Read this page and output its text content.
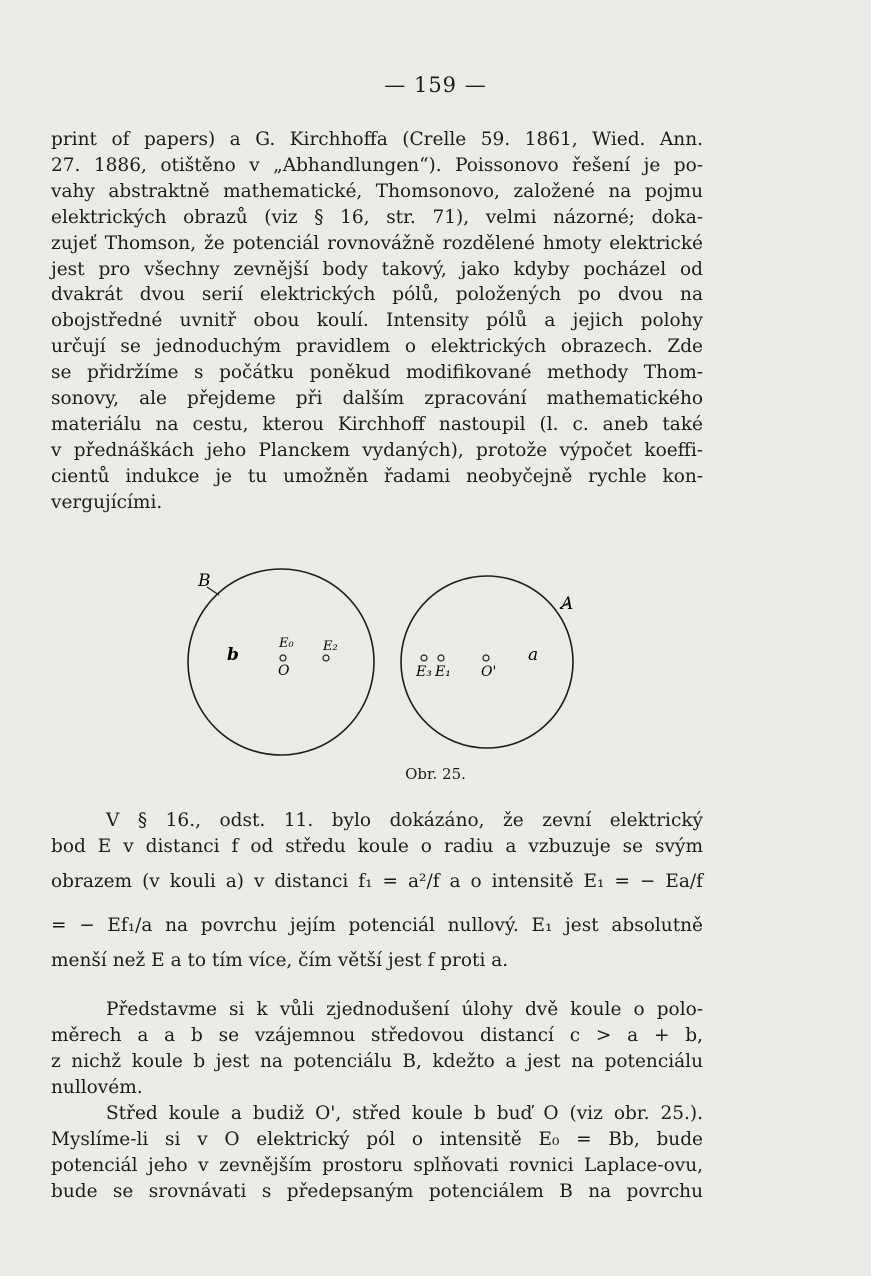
— 159 —
print of papers) a G. Kirchhoffa (Crelle 59. 1861, Wied. Ann.
27. 1886, otištěno v „Abhandlungen“). Poissonovo řešení je po-
vahy abstraktně mathematické, Thomsonovo, založené na pojmu
elektrických obrazů (viz § 16, str. 71), velmi názorné; doka-
zujeť Thomson, že potenciál rovnovážně rozdělené hmoty elektrické
jest pro všechny zevnější body takový, jako kdyby pocházel od
dvakrát dvou serií elektrických pólů, položených po dvou na
obojstředné uvnitř obou koulí. Intensity pólů a jejich polohy
určují se jednoduchým pravidlem o elektrických obrazech. Zde
se přidržíme s počátku poněkud modifikované methody Thom-
sonovy, ale přejdeme při dalším zpracování mathematického
materiálu na cestu, kterou Kirchhoff nastoupil (l. c. aneb také
v přednáškách jeho Planckem vydaných), protože výpočet koeffi-
cientů indukce je tu umožněn řadami neobyčejně rychle kon-
vergujícími.
B
A
b	a
E₀
O
E₂
E₃ E₁ O'
Obr. 25.
V § 16., odst. 11. bylo dokázáno, že zevní elektrický
bod E v distanci f od středu koule o radiu a vzbuzuje se svým
obrazem (v kouli a) v distanci f₁ = a²/f a o intensitě E₁ = − Ea/f
= − Ef₁/a na povrchu jejím potenciál nullový. E₁ jest absolutně
menší než E a to tím více, čím větší jest f proti a.
Představme si k vůli zjednodušení úlohy dvě koule o polo-
měrech a a b se vzájemnou středovou distancí c > a + b,
z nichž koule b jest na potenciálu B, kdežto a jest na potenciálu
nullovém.
Střed koule a budiž O', střed koule b buď O (viz obr. 25.).
Myslíme-li si v O elektrický pól o intensitě E₀ = Bb, bude
potenciál jeho v zevnějším prostoru splňovati rovnici Laplace-ovu,
bude se srovnávati s předepsaným potenciálem B na povrchu
